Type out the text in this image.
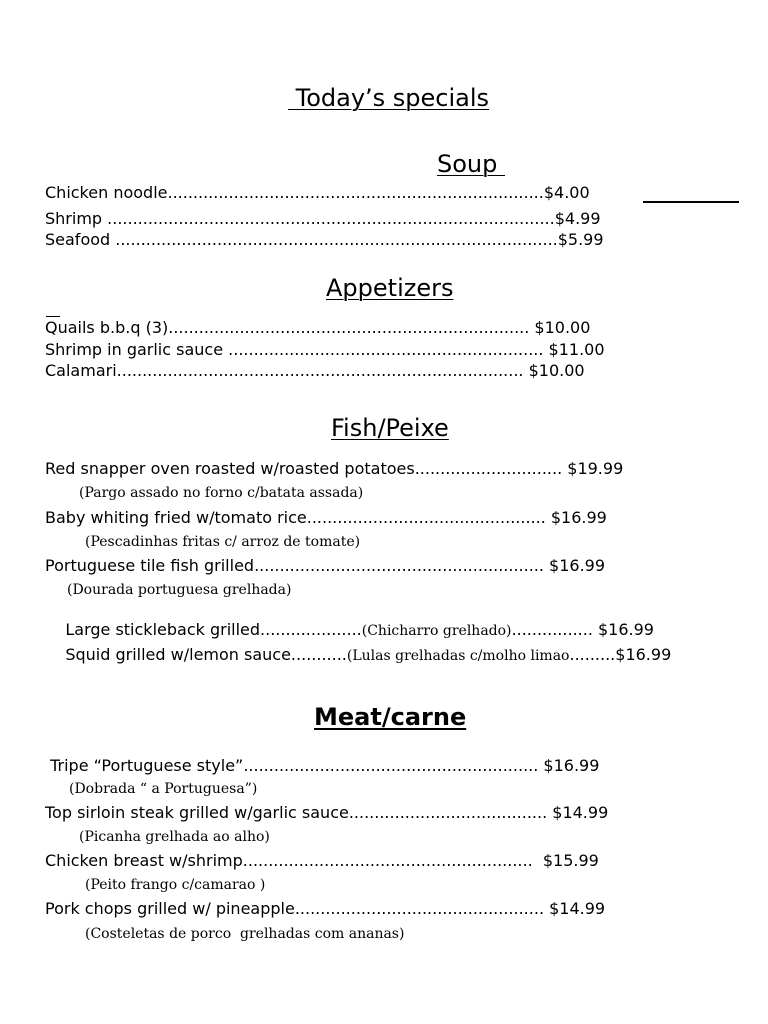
Today’s specials
Soup
Chicken noodle..........................................................................$4.00
Shrimp ........................................................................................$4.99
Seafood .......................................................................................$5.99
Appetizers
Quails b.b.q (3)....................................................................... $10.00
Shrimp in garlic sauce .............................................................. $11.00
Calamari................................................................................ $10.00
Fish/Peixe
Red snapper oven roasted w/roasted potatoes............................. $19.99
(Pargo assado no forno c/batata assada)
Baby whiting fried w/tomato rice............................................... $16.99
(Pescadinhas fritas c/ arroz de tomate)
Portuguese tile fish grilled......................................................... $16.99
(Dourada portuguesa grelhada)

Large stickleback grilled....................(Chicharro grelhado)................ $16.99

Squid grilled w/lemon sauce...........(Lulas grelhadas c/molho limao.........$16.99

Meat/carne
Tripe “Portuguese style”.......................................................... $16.99
(Dobrada “ a Portuguesa”)
Top sirloin steak grilled w/garlic sauce....................................... $14.99
(Picanha grelhada ao alho)
Chicken breast w/shrimp.........................................................  $15.99
(Peito frango c/camarao )
Pork chops grilled w/ pineapple................................................. $14.99
(Costeletas de porco  grelhadas com ananas)
